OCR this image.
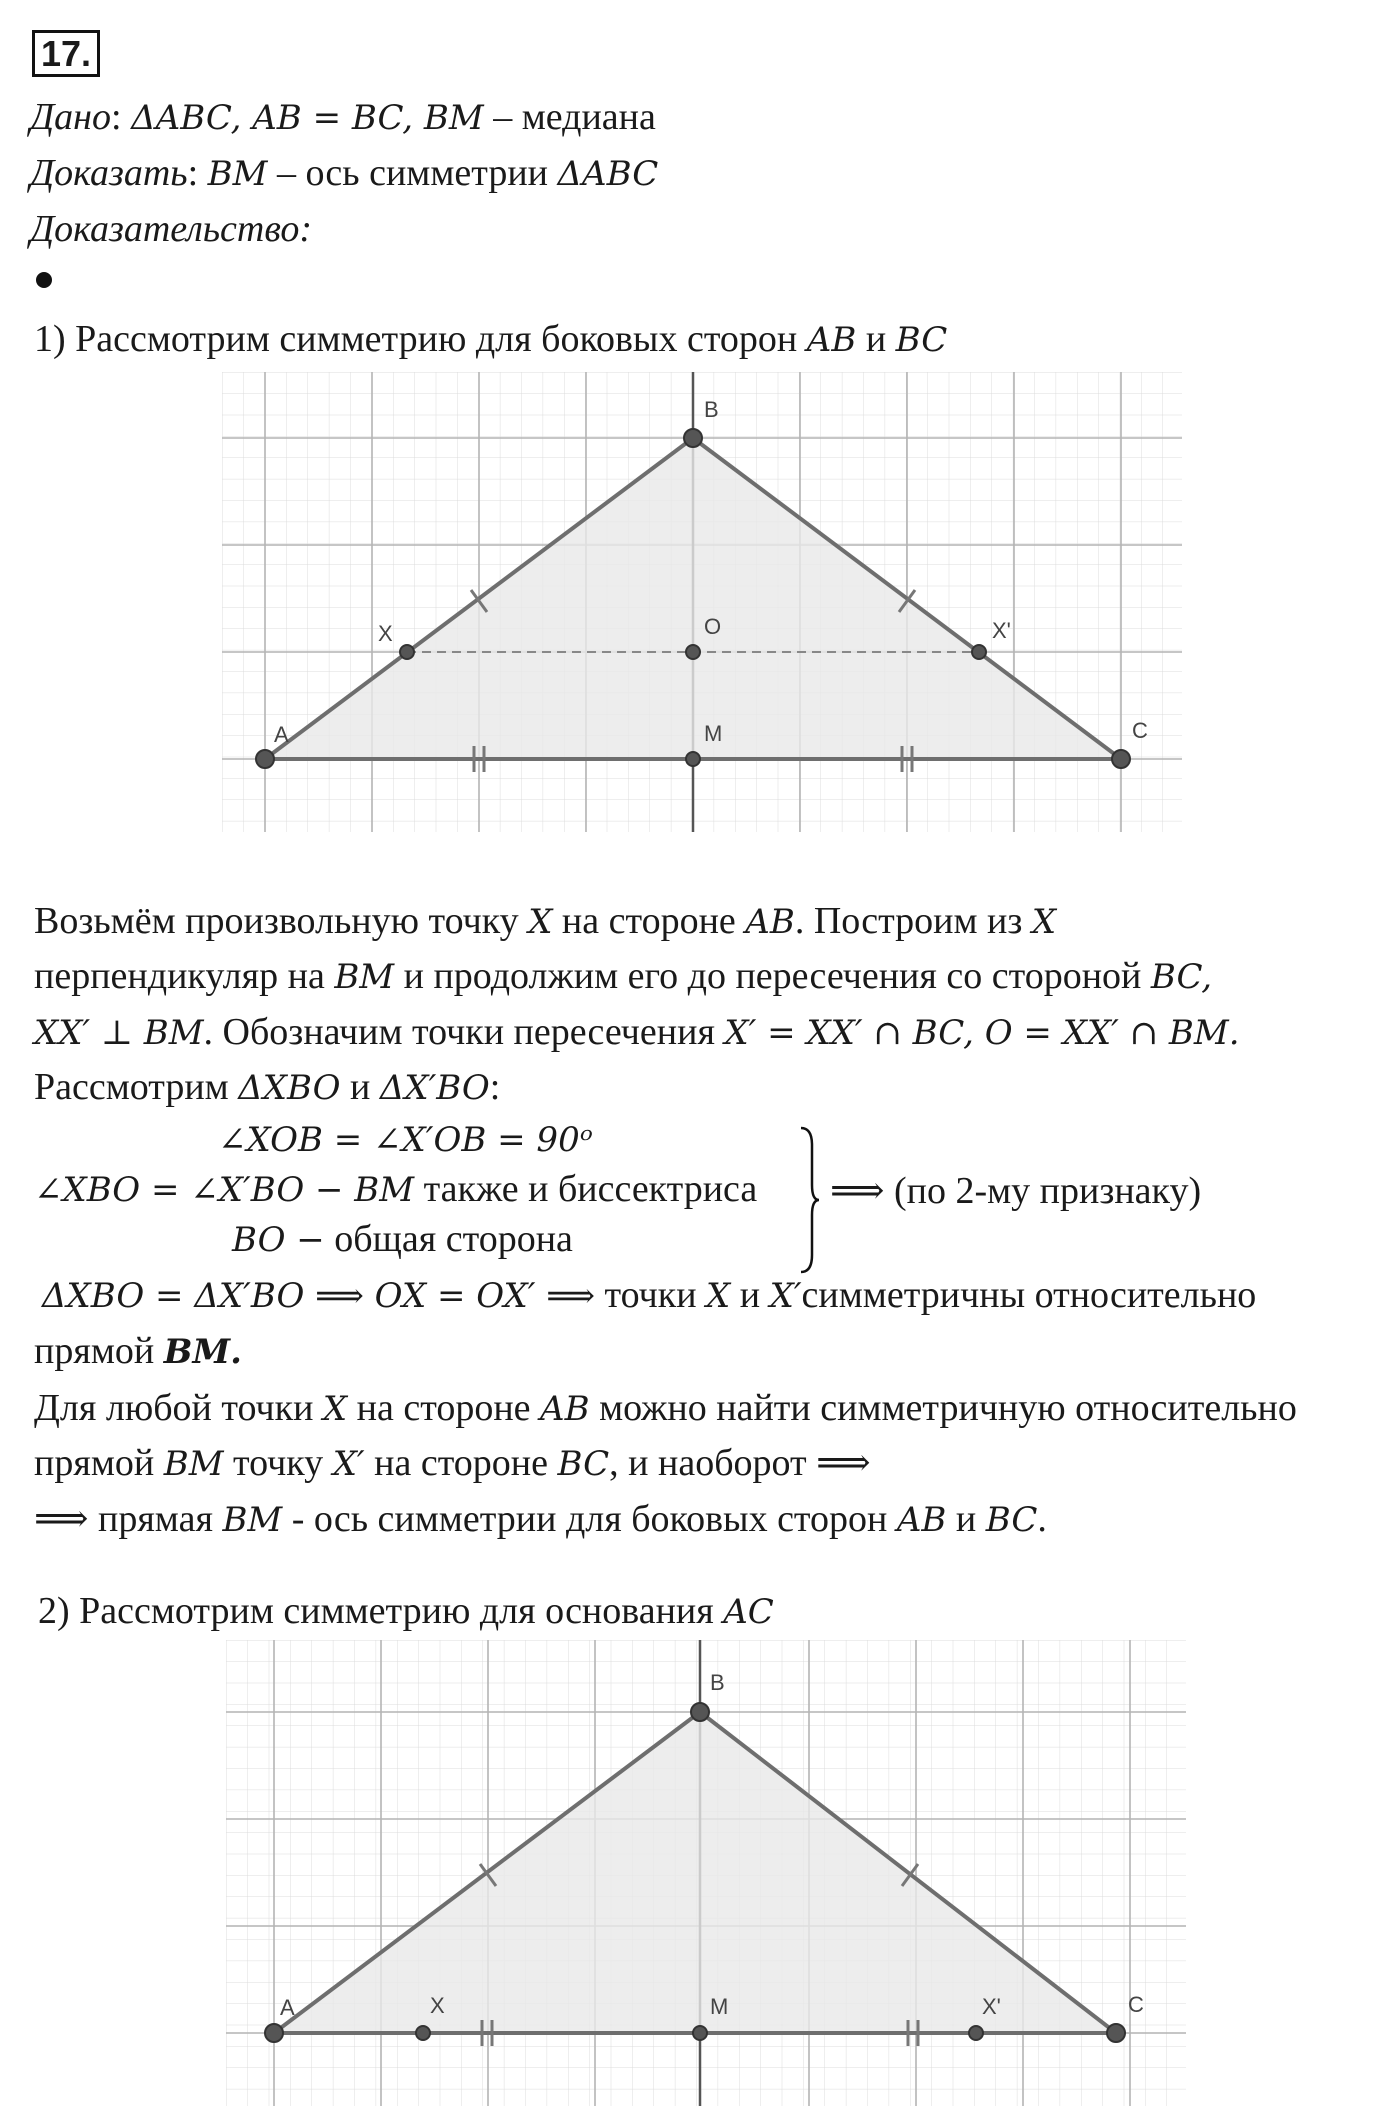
17.
Дано: ΔABC, AB = BC, BM – медиана
Доказать: BM – ось симметрии ΔABC
Доказательство:
1) Рассмотрим симметрию для боковых сторон AB и BC
A
B
C
M
O
X	X'
Возьмём произвольную точку X на стороне AB. Построим из X
перпендикуляр на BM и продолжим его до пересечения со стороной BC,
XX′ ⊥ BM. Обозначим точки пересечения X′ = XX′ ∩ BC, O = XX′ ∩ BM.
Рассмотрим ΔXBO и ΔX′BO:
∠XOB = ∠X′OB = 90ᵒ
∠XBO = ∠X′BO − BM также и биссектриса
BO − общая сторона
⟹ (по 2-му признаку)
ΔXBO = ΔX′BO ⟹ OX = OX′ ⟹ точки X и X′симметричны относительно
прямой BM.
Для любой точки X на стороне AB можно найти симметричную относительно
прямой BM точку X′ на стороне BC, и наоборот ⟹
⟹ прямая BM - ось симметрии для боковых сторон AB и BC.
2) Рассмотрим симметрию для основания AC
A
B
C
M
X	X'
